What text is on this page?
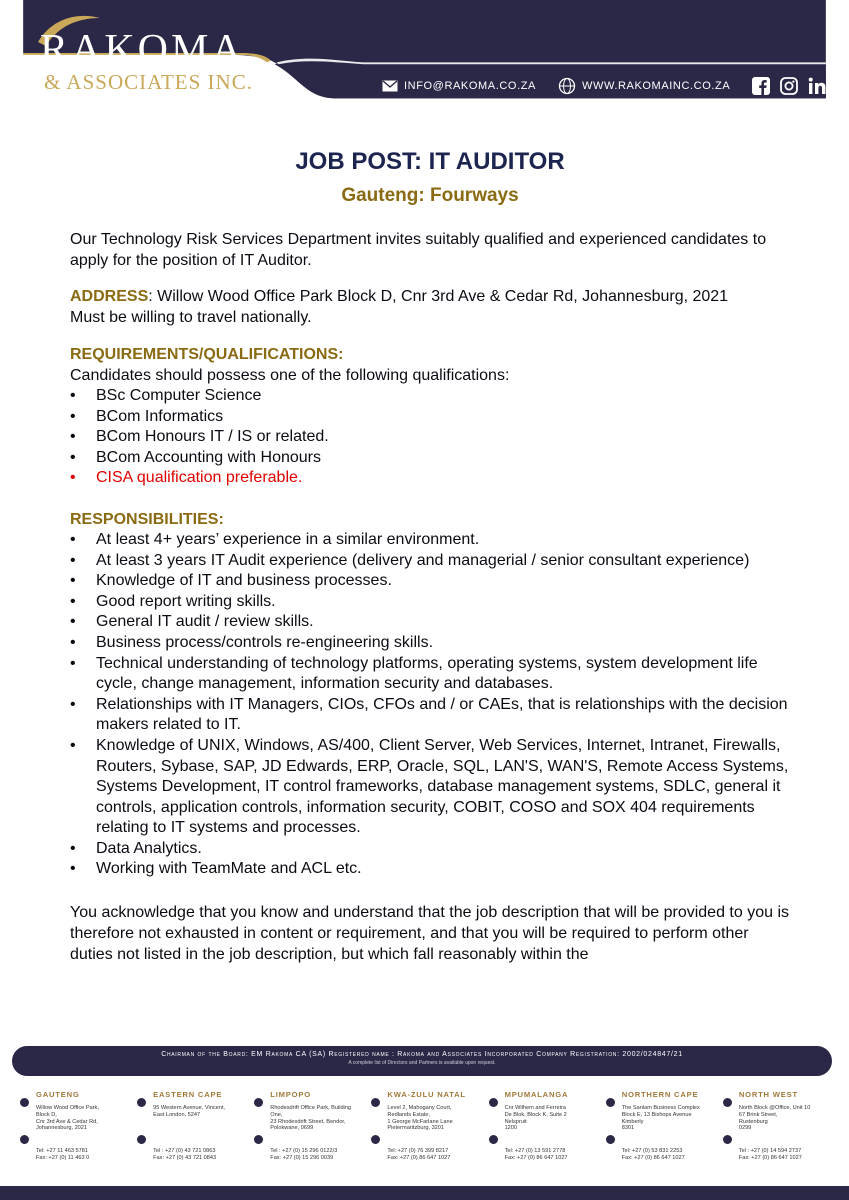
RAKOMA
& ASSOCIATES INC.	INFO@RAKOMA.CO.ZA	WWW.RAKOMAINC.CO.ZA
JOB POST: IT AUDITOR
Gauteng: Fourways

Our Technology Risk Services Department invites suitably qualified and experienced candidates to apply for the position of IT Auditor.

ADDRESS: Willow Wood Office Park Block D, Cnr 3rd Ave & Cedar Rd, Johannesburg, 2021

Must be willing to travel nationally.

REQUIREMENTS/QUALIFICATIONS:

Candidates should possess one of the following qualifications:

• BSc Computer Science
• BCom Informatics
• BCom Honours IT / IS or related.
• BCom Accounting with Honours
• CISA qualification preferable.
RESPONSIBILITIES:
• At least 4+ years’ experience in a similar environment.
• At least 3 years IT Audit experience (delivery and managerial / senior consultant experience)
• Knowledge of IT and business processes.
• Good report writing skills.
• General IT audit / review skills.
• Business process/controls re-engineering skills.
• Technical understanding of technology platforms, operating systems, system development life cycle, change management, information security and databases.
• Relationships with IT Managers, CIOs, CFOs and / or CAEs, that is relationships with the decision makers related to IT.
• Knowledge of UNIX, Windows, AS/400, Client Server, Web Services, Internet, Intranet, Firewalls, Routers, Sybase, SAP, JD Edwards, ERP, Oracle, SQL, LAN'S, WAN'S, Remote Access Systems, Systems Development, IT control frameworks, database management systems, SDLC, general it controls, application controls, information security, COBIT, COSO and SOX 404 requirements relating to IT systems and processes.
• Data Analytics.
• Working with TeamMate and ACL etc.

You acknowledge that you know and understand that the job description that will be provided to you is therefore not exhausted in content or requirement, and that you will be required to perform other duties not listed in the job description, but which fall reasonably within the

Chairman of the Board: EM Rakoma CA (SA) Registered name : Rakoma and Associates Incorporated Company Registration: 2002/024847/21
A complete list of Directors and Partners is available upon request.
GAUTENG
Willow Wood Office Park,
Block D,
Cnr 3rd Ave & Cedar Rd,
Johannesburg, 2021
Tel: +27 11 463 5781
Fax: +27 (0) 11 463 0
EASTERN CAPE
95 Western Avenue, Vincent,
East London, 5247
Tel : +27 (0) 43 721 0863
Fax: +27 (0) 43 721 0843
LIMPOPO
Rhodesdrift Office Park, Building
One,
23 Rhodesdrift Street, Bendor,
Polokwane, 0699
Tel : +27 (0) 15 296 0122/3
Fax: +27 (0) 15 296 0039
KWA-ZULU NATAL
Level 2, Mahogany Court,
Redlands Estate,
1 George McFarlane Lane
Pietermaritzburg, 3201
Tel: +27 (0) 76 399 8217
Fax: +27 (0) 86 647 1027
MPUMALANGA
Cnr Wilhem and Ferreira
De Blok, Block K, Suite 2
Nelspruit
1200
Tel: +27 (0) 13 591 2778
Fax: +27 (0) 86 647 1027
NORTHERN CAPE
The Sanlam Business Complex
Block E, 13 Bishops Avenue
Kimberly
8301
Tel: +27 (0) 53 831 2253
Fax: +27 (0) 86 647 1027
NORTH WEST
North Block @Office, Unit 10
67 Brink Street,
Rustenburg
0299
Tel : +27 (0) 14 594 2737
Fax: +27 (0) 86 647 1027
